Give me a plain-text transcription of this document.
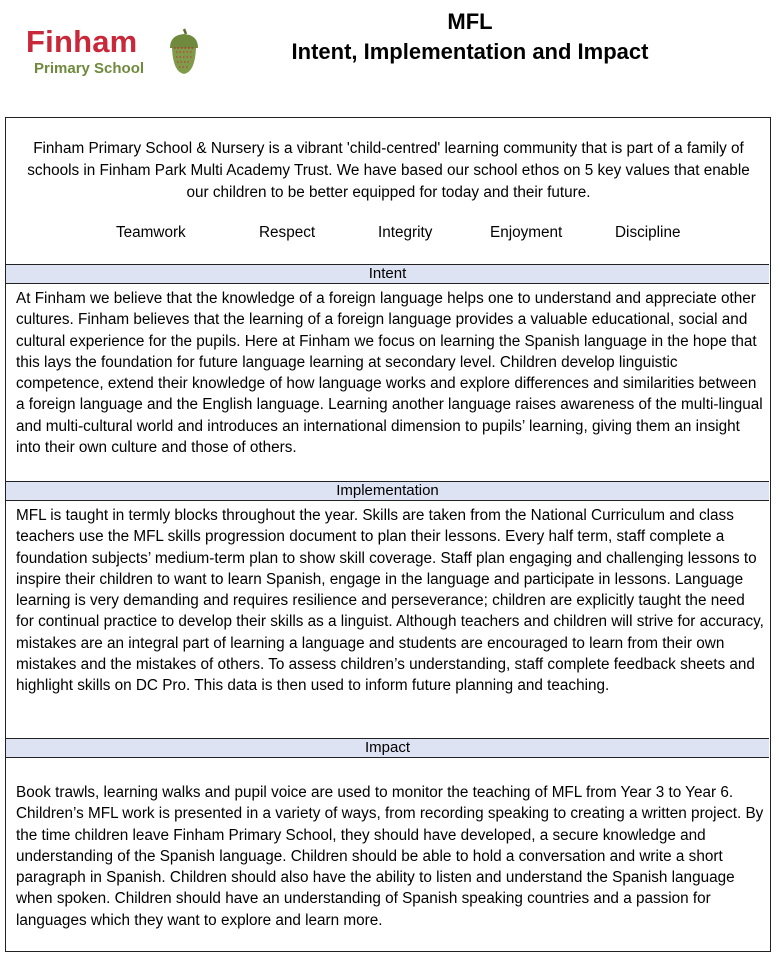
Finham
Primary School
MFL
Intent, Implementation and Impact
Finham Primary School & Nursery is a vibrant 'child-centred' learning community that is part of a family of schools in Finham Park Multi Academy Trust. We have based our school ethos on 5 key values that enable our children to be better equipped for today and their future.
Teamwork	Respect	Integrity	Enjoyment	Discipline
Intent
At Finham we believe that the knowledge of a foreign language helps one to understand and appreciate other cultures. Finham believes that the learning of a foreign language provides a valuable educational, social and cultural experience for the pupils. Here at Finham we focus on learning the Spanish language in the hope that this lays the foundation for future language learning at secondary level. Children develop linguistic competence, extend their knowledge of how language works and explore differences and similarities between a foreign language and the English language. Learning another language raises awareness of the multi-lingual and multi-cultural world and introduces an international dimension to pupils’ learning, giving them an insight into their own culture and those of others.
Implementation
MFL is taught in termly blocks throughout the year. Skills are taken from the National Curriculum and class teachers use the MFL skills progression document to plan their lessons. Every half term, staff complete a foundation subjects’ medium-term plan to show skill coverage. Staff plan engaging and challenging lessons to inspire their children to want to learn Spanish, engage in the language and participate in lessons. Language learning is very demanding and requires resilience and perseverance; children are explicitly taught the need for continual practice to develop their skills as a linguist. Although teachers and children will strive for accuracy, mistakes are an integral part of learning a language and students are encouraged to learn from their own mistakes and the mistakes of others. To assess children’s understanding, staff complete feedback sheets and highlight skills on DC Pro. This data is then used to inform future planning and teaching.
Impact
Book trawls, learning walks and pupil voice are used to monitor the teaching of MFL from Year 3 to Year 6. Children’s MFL work is presented in a variety of ways, from recording speaking to creating a written project. By the time children leave Finham Primary School, they should have developed, a secure knowledge and understanding of the Spanish language. Children should be able to hold a conversation and write a short paragraph in Spanish. Children should also have the ability to listen and understand the Spanish language when spoken. Children should have an understanding of Spanish speaking countries and a passion for languages which they want to explore and learn more.
